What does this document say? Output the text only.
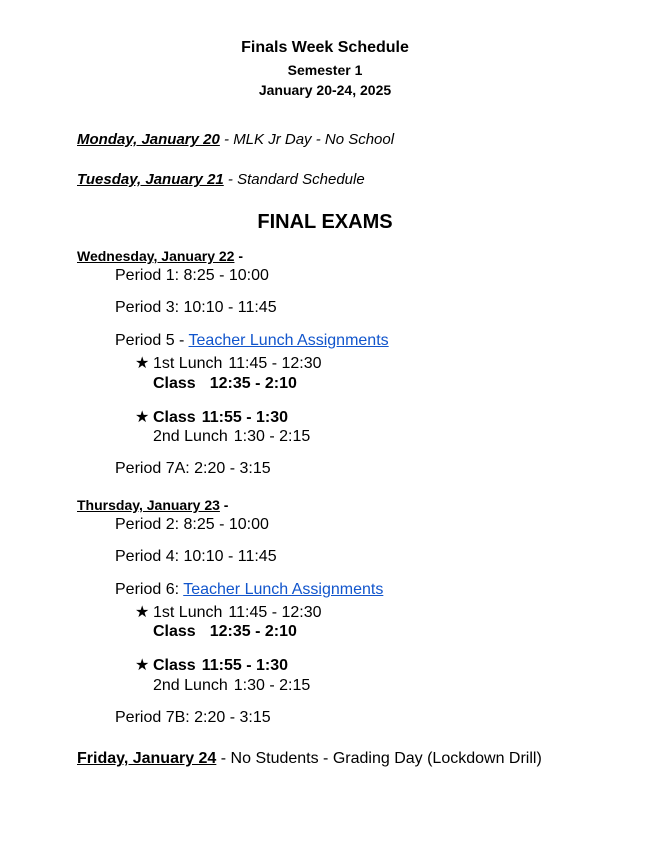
Finals Week Schedule
Semester 1
January 20-24, 2025
Monday, January 20 - MLK Jr Day - No School
Tuesday, January 21 - Standard Schedule
FINAL EXAMS
Wednesday, January 22 -
Period 1: 8:25 - 10:00
Period 3: 10:10 - 11:45
Period 5 - Teacher Lunch Assignments
★ 1st Lunch 11:45 - 12:30
Class 12:35 - 2:10
★ Class 11:55 - 1:30
2nd Lunch 1:30 - 2:15
Period 7A: 2:20 - 3:15
Thursday, January 23 -
Period 2: 8:25 - 10:00
Period 4: 10:10 - 11:45
Period 6: Teacher Lunch Assignments
★ 1st Lunch 11:45 - 12:30
Class 12:35 - 2:10
★ Class 11:55 - 1:30
2nd Lunch 1:30 - 2:15
Period 7B: 2:20 - 3:15
Friday, January 24 - No Students - Grading Day (Lockdown Drill)
